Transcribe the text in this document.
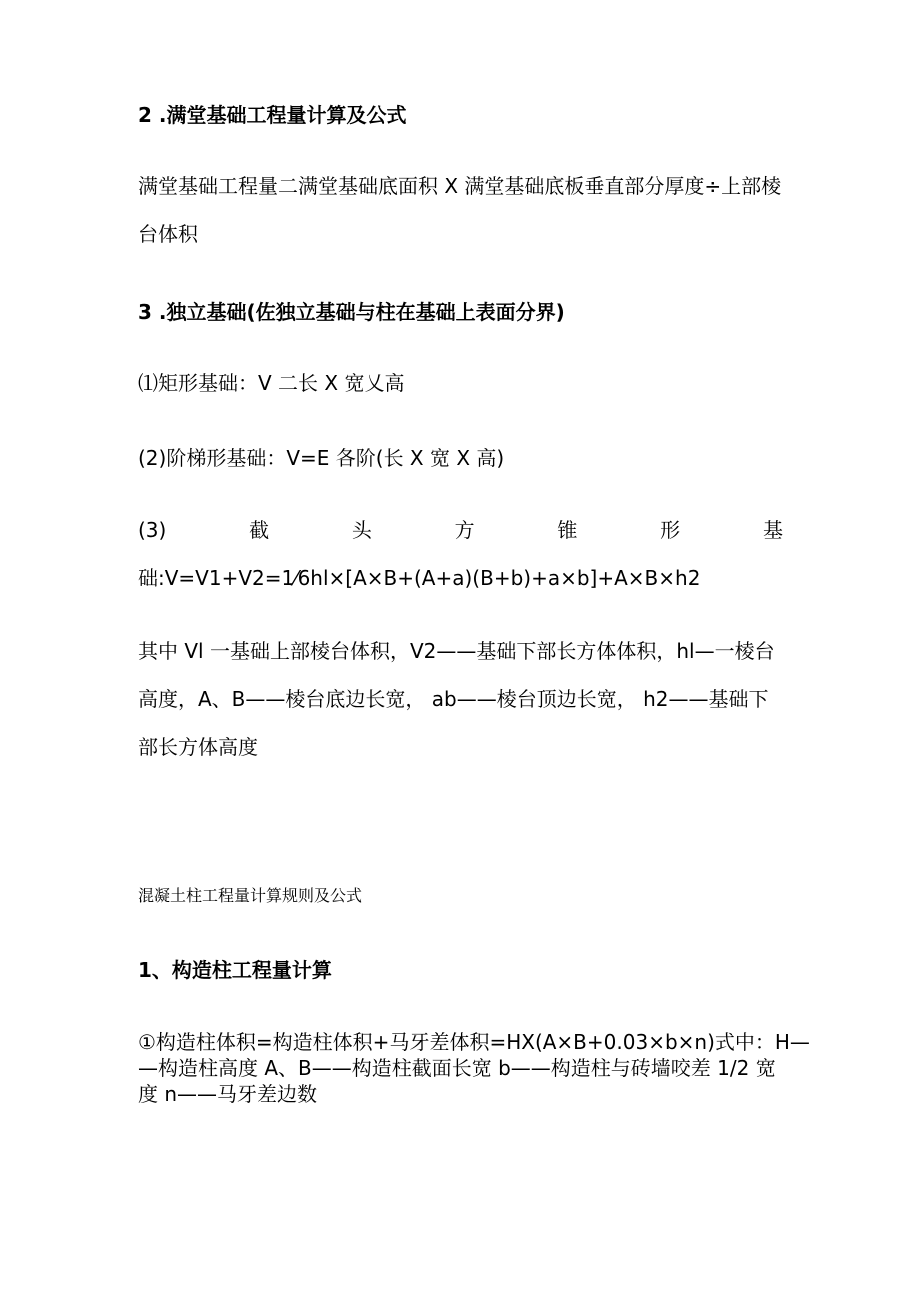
2 .满堂基础工程量计算及公式
满堂基础工程量二满堂基础底面积 X 满堂基础底板垂直部分厚度÷上部棱
台体积
3 .独立基础(佐独立基础与柱在基础上表面分界)
⑴矩形基础：V 二长 X 宽乂高
(2)阶梯形基础：V=E 各阶(长 X 宽 X 高)
(3)	截	头	方	锥	形	基
础:V=V1+V2=1⁄6hl×[A×B+(A+a)(B+b)+a×b]+A×B×h2
其中 Vl 一基础上部棱台体积，V2——基础下部长方体体积，hl—一棱台
高度，A、B——棱台底边长宽， ab——棱台顶边长宽， h2——基础下
部长方体高度
混凝土柱工程量计算规则及公式
1、构造柱工程量计算
①构造柱体积=构造柱体积+马牙差体积=HX(A×B+0.03×b×n)式中：H—
—构造柱高度 A、B——构造柱截面长宽 b——构造柱与砖墙咬差 1/2 宽
度 n——马牙差边数
